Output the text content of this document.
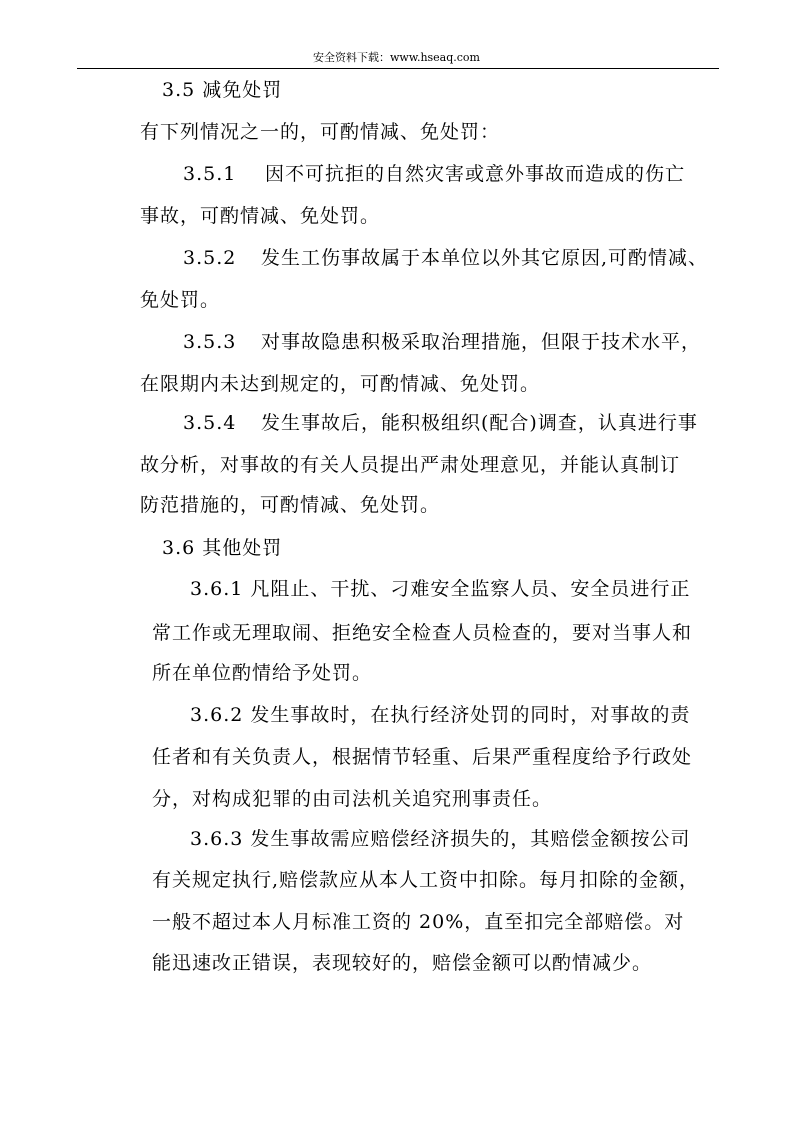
安全资料下载：www.hseaq.com
3.5 减免处罚
有下列情况之一的，可酌情减、免处罚：
3.5.1 因不可抗拒的自然灾害或意外事故而造成的伤亡
事故，可酌情减、免处罚。
3.5.2 发生工伤事故属于本单位以外其它原因,可酌情减、
免处罚。
3.5.3 对事故隐患积极采取治理措施，但限于技术水平，
在限期内未达到规定的，可酌情减、免处罚。
3.5.4 发生事故后，能积极组织(配合)调查，认真进行事
故分析，对事故的有关人员提出严肃处理意见，并能认真制订
防范措施的，可酌情减、免处罚。
3.6 其他处罚
3.6.1 凡阻止、干扰、刁难安全监察人员、安全员进行正
常工作或无理取闹、拒绝安全检查人员检查的，要对当事人和
所在单位酌情给予处罚。
3.6.2 发生事故时，在执行经济处罚的同时，对事故的责
任者和有关负责人，根据情节轻重、后果严重程度给予行政处
分，对构成犯罪的由司法机关追究刑事责任。
3.6.3 发生事故需应赔偿经济损失的，其赔偿金额按公司
有关规定执行,赔偿款应从本人工资中扣除。每月扣除的金额，
一般不超过本人月标准工资的 20%，直至扣完全部赔偿。对
能迅速改正错误，表现较好的，赔偿金额可以酌情减少。
